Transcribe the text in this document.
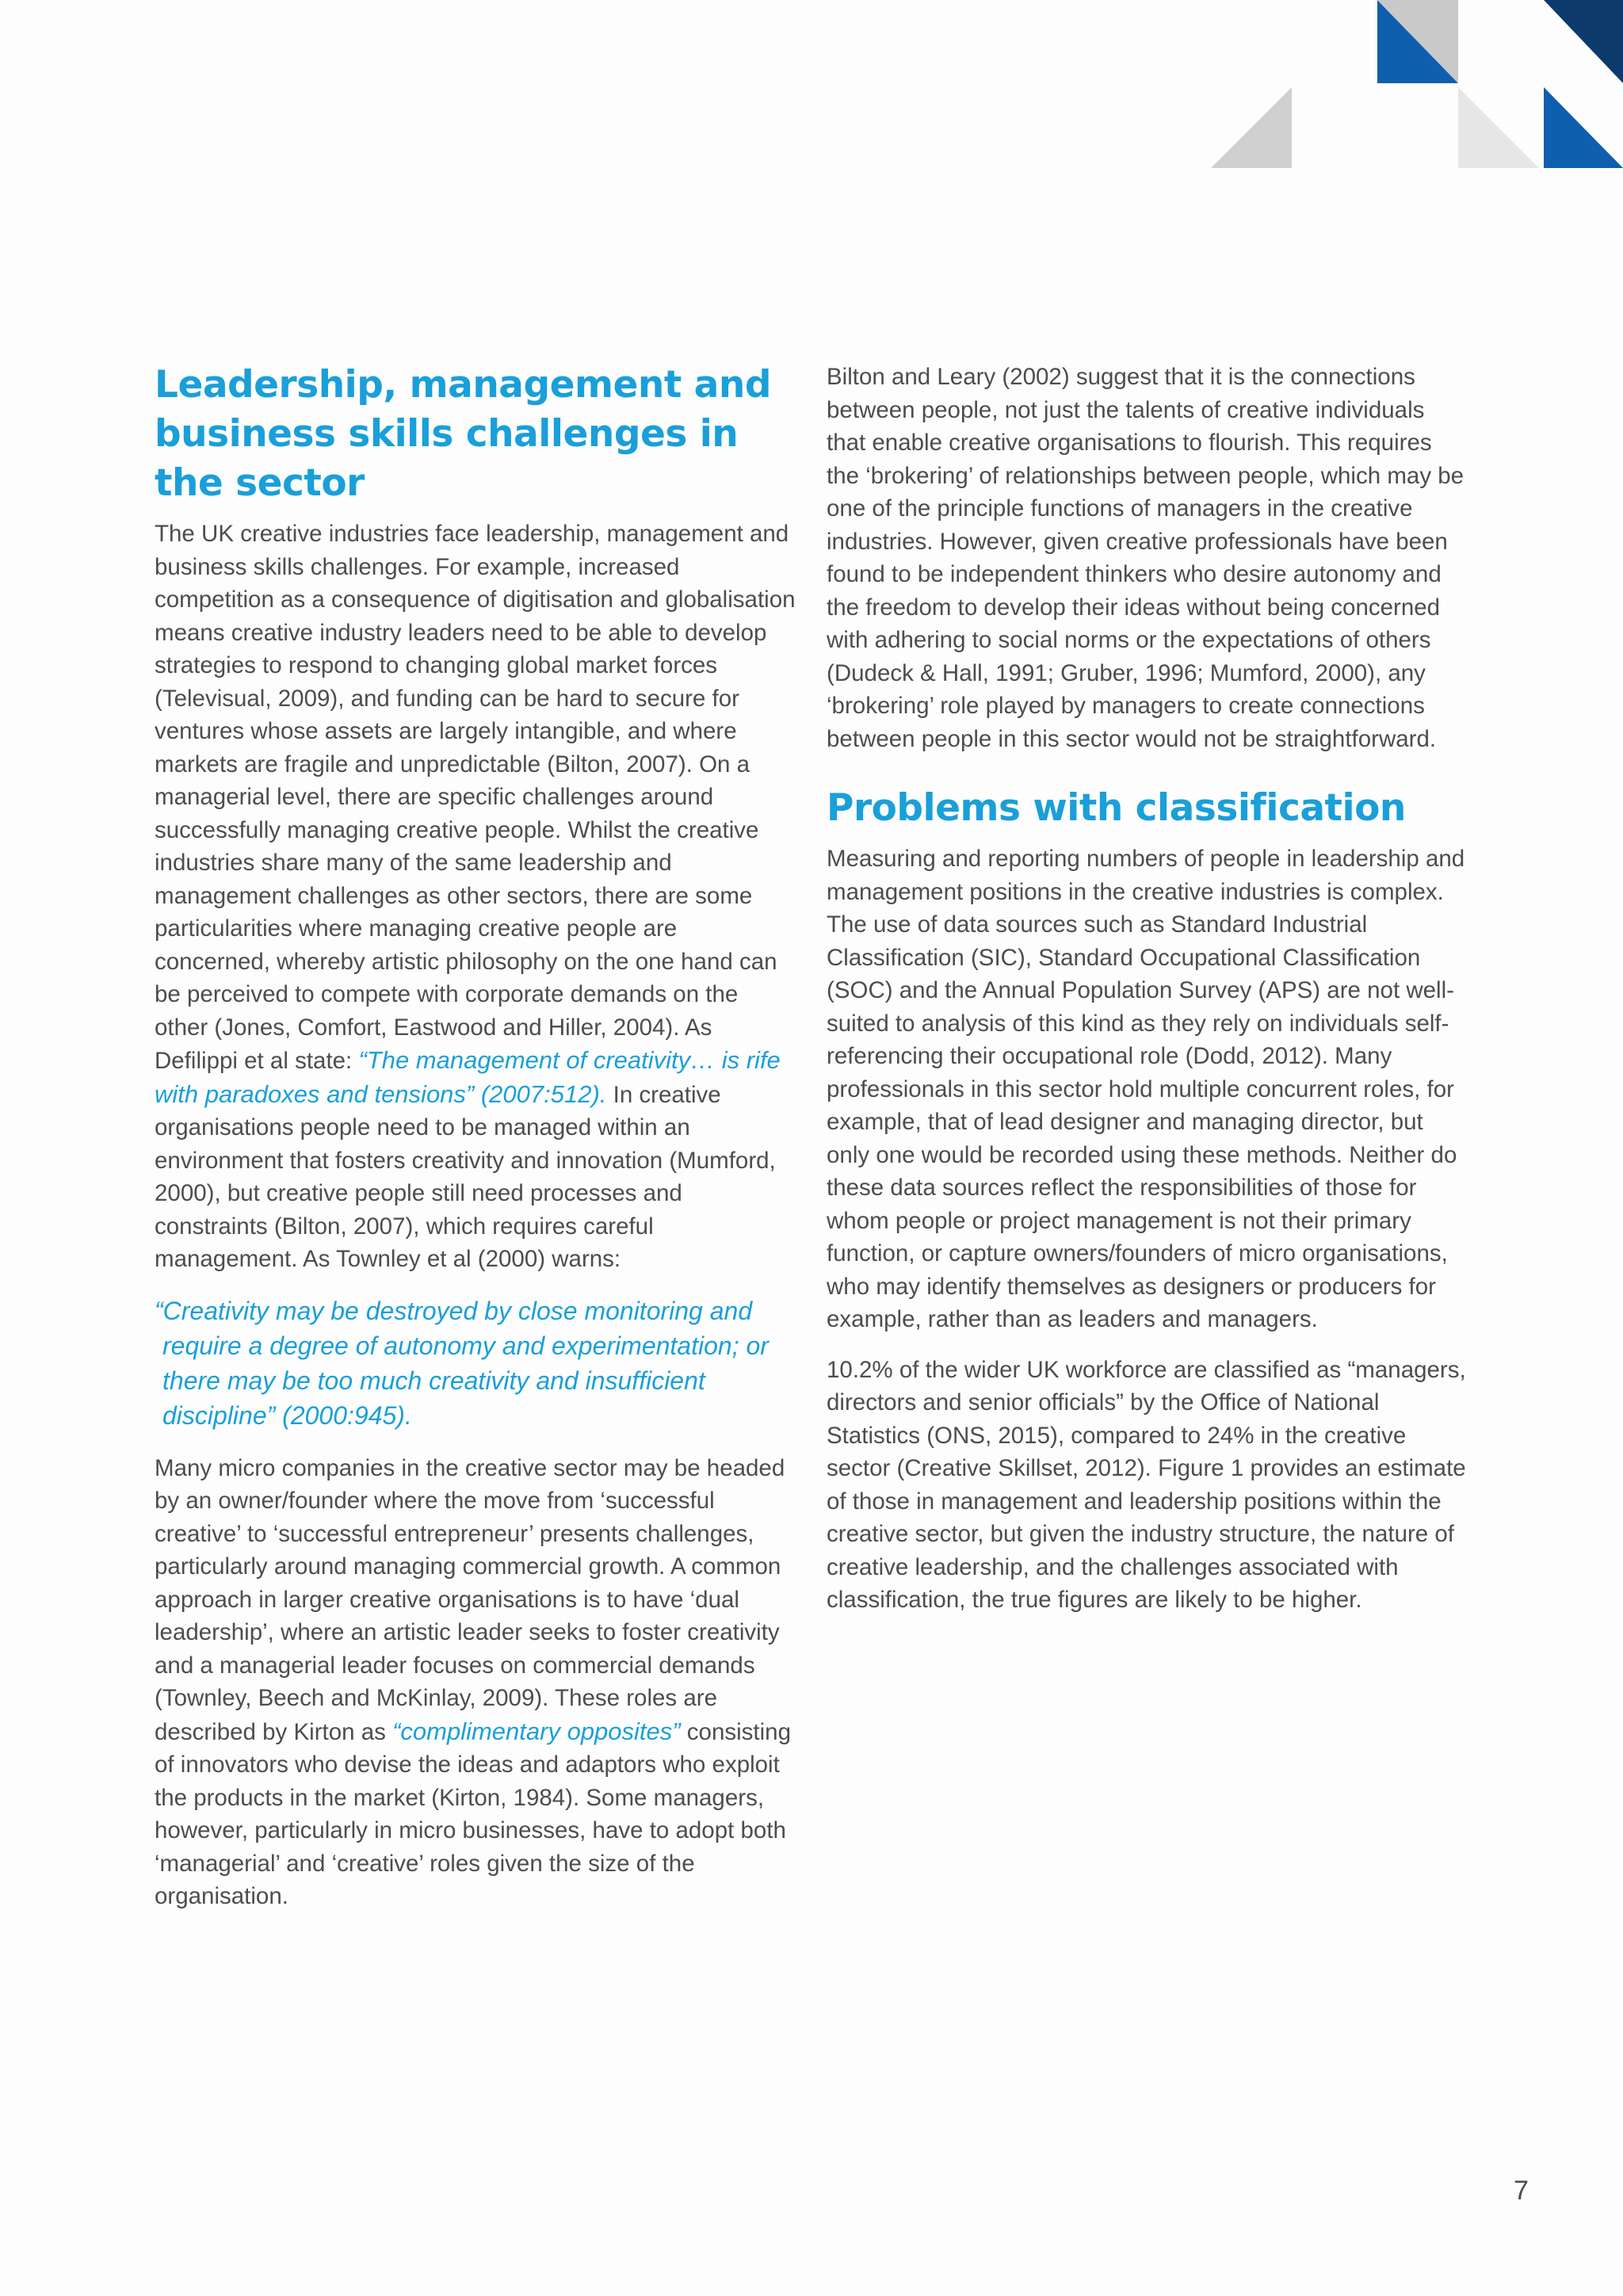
Leadership, management and business skills challenges in the sector

The UK creative industries face leadership, management and business skills challenges. For example, increased competition as a consequence of digitisation and globalisation means creative industry leaders need to be able to develop strategies to respond to changing global market forces (Televisual, 2009), and funding can be hard to secure for ventures whose assets are largely intangible, and where markets are fragile and unpredictable (Bilton, 2007). On a managerial level, there are specific challenges around successfully managing creative people. Whilst the creative industries share many of the same leadership and management challenges as other sectors, there are some particularities where managing creative people are concerned, whereby artistic philosophy on the one hand can be perceived to compete with corporate demands on the other (Jones, Comfort, Eastwood and Hiller, 2004). As Defilippi et al state: “The management of creativity… is rife with paradoxes and tensions” (2007:512). In creative organisations people need to be managed within an environment that fosters creativity and innovation (Mumford, 2000), but creative people still need processes and constraints (Bilton, 2007), which requires careful management. As Townley et al (2000) warns:

“Creativity may be destroyed by close monitoring and require a degree of autonomy and experimentation; or there may be too much creativity and insufficient discipline” (2000:945).

Many micro companies in the creative sector may be headed by an owner/founder where the move from ‘successful creative’ to ‘successful entrepreneur’ presents challenges, particularly around managing commercial growth. A common approach in larger creative organisations is to have ‘dual leadership’, where an artistic leader seeks to foster creativity and a managerial leader focuses on commercial demands (Townley, Beech and McKinlay, 2009). These roles are described by Kirton as “complimentary opposites” consisting of innovators who devise the ideas and adaptors who exploit the products in the market (Kirton, 1984). Some managers, however, particularly in micro businesses, have to adopt both ‘managerial’ and ‘creative’ roles given the size of the organisation.

Bilton and Leary (2002) suggest that it is the connections between people, not just the talents of creative individuals that enable creative organisations to flourish. This requires the ‘brokering’ of relationships between people, which may be one of the principle functions of managers in the creative industries. However, given creative professionals have been found to be independent thinkers who desire autonomy and the freedom to develop their ideas without being concerned with adhering to social norms or the expectations of others (Dudeck & Hall, 1991; Gruber, 1996; Mumford, 2000), any ‘brokering’ role played by managers to create connections between people in this sector would not be straightforward.

Problems with classification

Measuring and reporting numbers of people in leadership and management positions in the creative industries is complex. The use of data sources such as Standard Industrial Classification (SIC), Standard Occupational Classification (SOC) and the Annual Population Survey (APS) are not well-suited to analysis of this kind as they rely on individuals self-referencing their occupational role (Dodd, 2012). Many professionals in this sector hold multiple concurrent roles, for example, that of lead designer and managing director, but only one would be recorded using these methods. Neither do these data sources reflect the responsibilities of those for whom people or project management is not their primary function, or capture owners/founders of micro organisations, who may identify themselves as designers or producers for example, rather than as leaders and managers.

10.2% of the wider UK workforce are classified as “managers, directors and senior officials” by the Office of National Statistics (ONS, 2015), compared to 24% in the creative sector (Creative Skillset, 2012). Figure 1 provides an estimate of those in management and leadership positions within the creative sector, but given the industry structure, the nature of creative leadership, and the challenges associated with classification, the true figures are likely to be higher.

7
